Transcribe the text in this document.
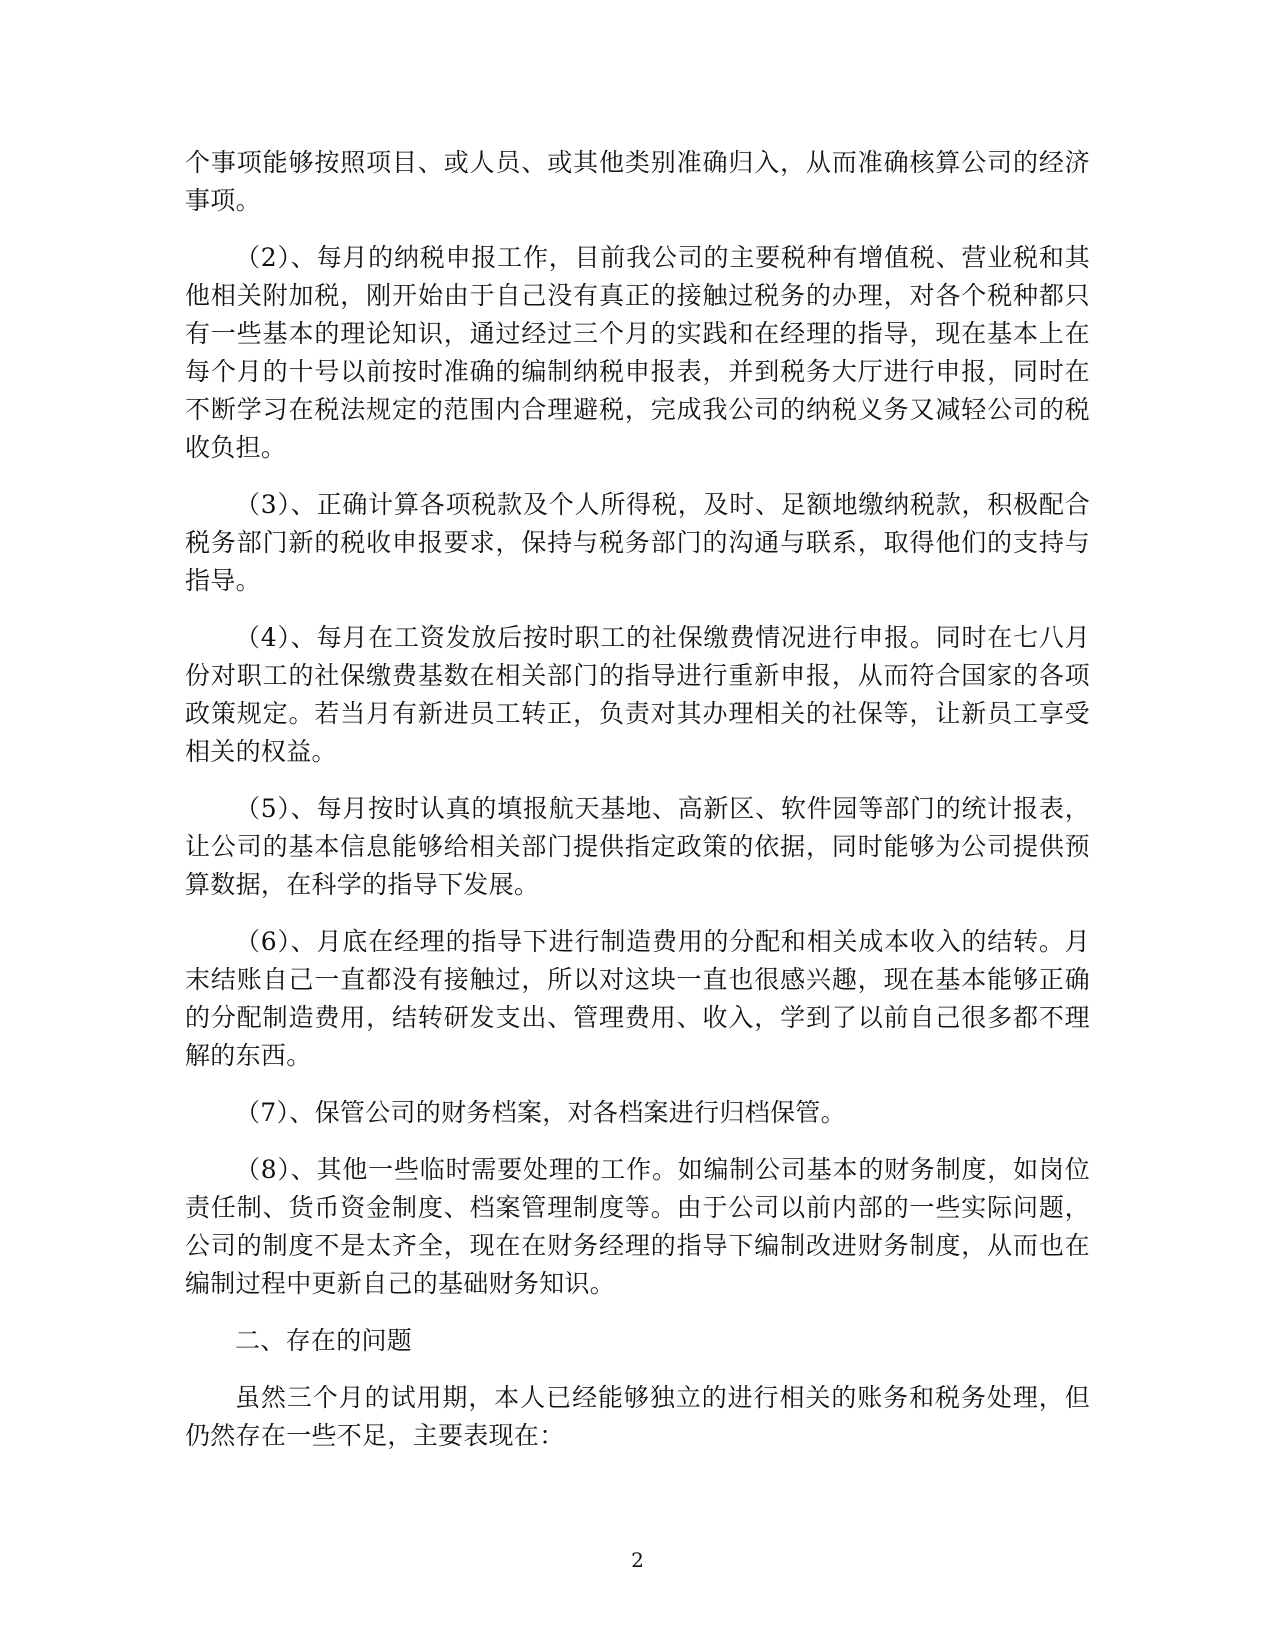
个事项能够按照项目、或人员、或其他类别准确归入，从而准确核算公司的经济事项。

（2）、每月的纳税申报工作，目前我公司的主要税种有增值税、营业税和其他相关附加税，刚开始由于自己没有真正的接触过税务的办理，对各个税种都只有一些基本的理论知识，通过经过三个月的实践和在经理的指导，现在基本上在每个月的十号以前按时准确的编制纳税申报表，并到税务大厅进行申报，同时在不断学习在税法规定的范围内合理避税，完成我公司的纳税义务又减轻公司的税收负担。

（3）、正确计算各项税款及个人所得税，及时、足额地缴纳税款，积极配合税务部门新的税收申报要求，保持与税务部门的沟通与联系，取得他们的支持与指导。

（4）、每月在工资发放后按时职工的社保缴费情况进行申报。同时在七八月份对职工的社保缴费基数在相关部门的指导进行重新申报，从而符合国家的各项政策规定。若当月有新进员工转正，负责对其办理相关的社保等，让新员工享受相关的权益。

（5）、每月按时认真的填报航天基地、高新区、软件园等部门的统计报表，让公司的基本信息能够给相关部门提供指定政策的依据，同时能够为公司提供预算数据，在科学的指导下发展。

（6）、月底在经理的指导下进行制造费用的分配和相关成本收入的结转。月末结账自己一直都没有接触过，所以对这块一直也很感兴趣，现在基本能够正确的分配制造费用，结转研发支出、管理费用、收入，学到了以前自己很多都不理解的东西。

（7）、保管公司的财务档案，对各档案进行归档保管。

（8）、其他一些临时需要处理的工作。如编制公司基本的财务制度，如岗位责任制、货币资金制度、档案管理制度等。由于公司以前内部的一些实际问题，公司的制度不是太齐全，现在在财务经理的指导下编制改进财务制度，从而也在编制过程中更新自己的基础财务知识。

二、存在的问题

虽然三个月的试用期，本人已经能够独立的进行相关的账务和税务处理，但仍然存在一些不足，主要表现在：

2
